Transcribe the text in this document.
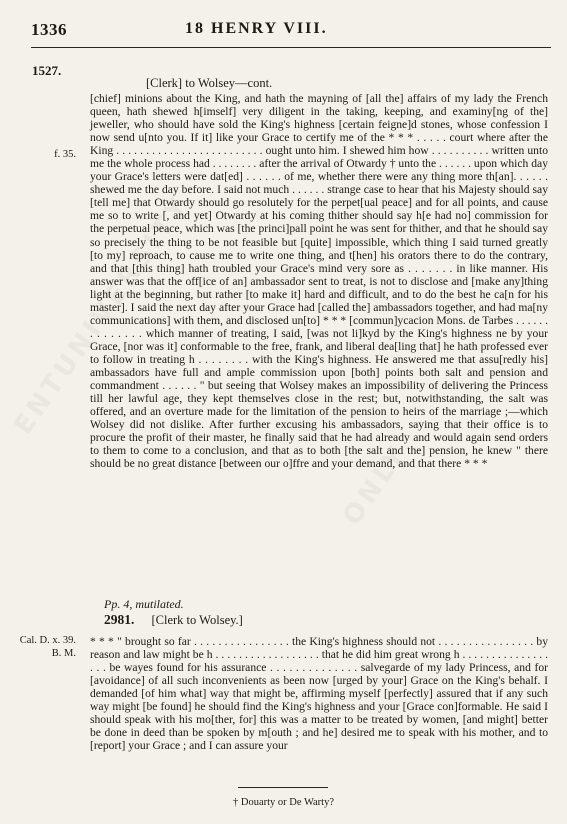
ENTUNIVERSITY
ONLY
1336	18 HENRY VIII.
1527.
[Clerk] to Wolsey—cont.
f. 35.

[chief] minions about the King, and hath the mayning of [all the] affairs of my lady the French queen, hath shewed h[imself] very diligent in the taking, keeping, and examiny[ng of the] jeweller, who should have sold the King's highness [certain feigne]d stones, whose confession I now send u[nto you. If it] like your Grace to certify me of the * * * . . . . . court where after the King . . . . . . . . . . . . . . . . . . . . . . . . . ought unto him. I shewed him how . . . . . . . . . . written unto me the whole process had . . . . . . . . after the arrival of Otwardy † unto the . . . . . . upon which day your Grace's letters were dat[ed] . . . . . . of me, whether there were any thing more th[an]. . . . . . shewed me the day before. I said not much . . . . . . strange case to hear that his Majesty should say [tell me] that Otwardy should go resolutely for the perpet[ual peace] and for all points, and cause me so to write [, and yet] Otwardy at his coming thither should say h[e had no] commission for the perpetual peace, which was [the princi]pall point he was sent for thither, and that he should say so precisely the thing to be not feasible but [quite] impossible, which thing I said turned greatly [to my] reproach, to cause me to write one thing, and t[hen] his orators there to do the contrary, and that [this thing] hath troubled your Grace's mind very sore as . . . . . . . in like manner. His answer was that the off[ice of an] ambassador sent to treat, is not to disclose and [make any]thing light at the beginning, but rather [to make it] hard and difficult, and to do the best he ca[n for his master]. I said the next day after your Grace had [called the] ambassadors together, and had ma[ny communications] with them, and disclosed un[to] * * * [commun]ycacion Mons. de Tarbes . . . . . . . . . . . . . . which manner of treating, I said, [was not li]kyd by the King's highness ne by your Grace, [nor was it] conformable to the free, frank, and liberal dea[ling that] he hath professed ever to follow in treating h . . . . . . . . with the King's highness. He answered me that assu[redly his] ambassadors have full and ample commission upon [both] points both salt and pension and commandment . . . . . . " but seeing that Wolsey makes an impossibility of delivering the Princess till her lawful age, they kept themselves close in the rest; but, notwithstanding, the salt was offered, and an overture made for the limitation of the pension to heirs of the marriage ;—which Wolsey did not dislike. After further excusing his ambassadors, saying that their office is to procure the profit of their master, he finally said that he had already and would again send orders to them to come to a conclusion, and that as to both [the salt and the] pension, he knew " there should be no great distance [between our o]ffre and your demand, and that there * * *

Pp. 4, mutilated.
2981. [Clerk to Wolsey.]
Cal. D. x. 39.
B. M.

* * * " brought so far . . . . . . . . . . . . . . . . the King's highness should not . . . . . . . . . . . . . . . . by reason and law might be h . . . . . . . . . . . . . . . . . . that he did him great wrong h . . . . . . . . . . . . . . . . . . be wayes found for his assurance . . . . . . . . . . . . . . salvegarde of my lady Princess, and for [avoidance] of all such inconvenients as been now [urged by your] Grace on the King's behalf. I demanded [of him what] way that might be, affirming myself [perfectly] assured that if any such way might [be found] he should find the King's highness and your [Grace con]formable. He said I should speak with his mo[ther, for] this was a matter to be treated by women, [and might] better be done in deed than be spoken by m[outh ; and he] desired me to speak with his mother, and to [report] your Grace ; and I can assure your

† Douarty or De Warty?
